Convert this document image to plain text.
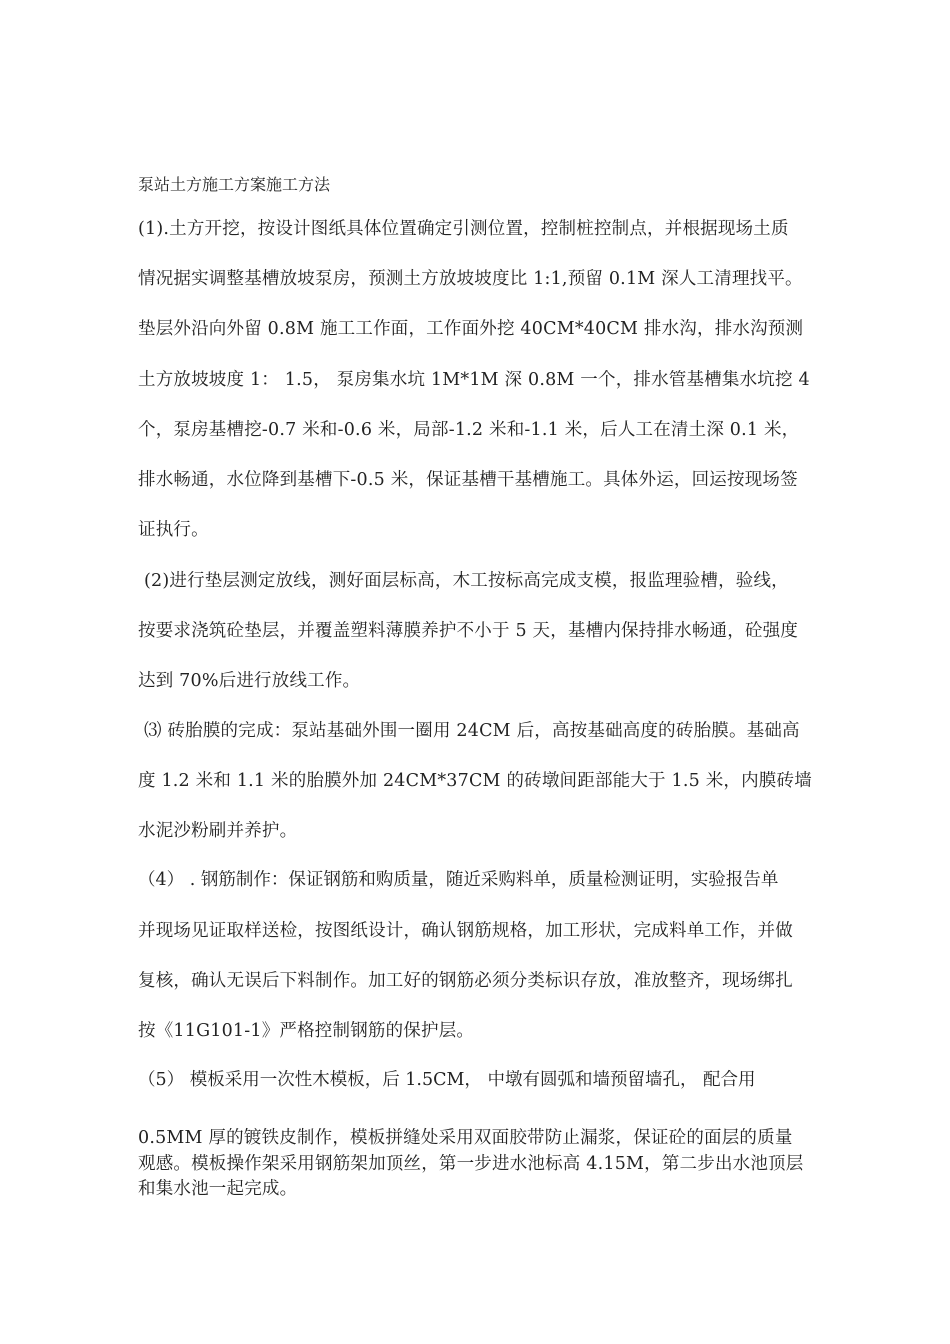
泵站土方施工方案施工方法
(1).土方开挖，按设计图纸具体位置确定引测位置，控制桩控制点，并根据现场土质
情况据实调整基槽放坡泵房，预测土方放坡坡度比 1:1,预留 0.1M 深人工清理找平。
垫层外沿向外留 0.8M 施工工作面，工作面外挖 40CM*40CM 排水沟，排水沟预测
土方放坡坡度 1： 1.5， 泵房集水坑 1M*1M 深 0.8M 一个，排水管基槽集水坑挖 4
个，泵房基槽挖-0.7 米和-0.6 米，局部-1.2 米和-1.1 米，后人工在清土深 0.1 米，
排水畅通，水位降到基槽下-0.5 米，保证基槽干基槽施工。具体外运，回运按现场签
证执行。
(2)进行垫层测定放线，测好面层标高，木工按标高完成支模，报监理验槽，验线，
按要求浇筑砼垫层，并覆盖塑料薄膜养护不小于 5 天，基槽内保持排水畅通，砼强度
达到 70%后进行放线工作。
⑶ 砖胎膜的完成：泵站基础外围一圈用 24CM 后，高按基础高度的砖胎膜。基础高
度 1.2 米和 1.1 米的胎膜外加 24CM*37CM 的砖墩间距部能大于 1.5 米，内膜砖墙
水泥沙粉刷并养护。
（4） . 钢筋制作：保证钢筋和购质量，随近采购料单，质量检测证明，实验报告单
并现场见证取样送检，按图纸设计，确认钢筋规格，加工形状，完成料单工作，并做
复核，确认无误后下料制作。加工好的钢筋必须分类标识存放，准放整齐，现场绑扎
按《11G101-1》严格控制钢筋的保护层。
（5） 模板采用一次性木模板，后 1.5CM， 中墩有圆弧和墙预留墙孔， 配合用
0.5MM 厚的镀铁皮制作，模板拼缝处采用双面胶带防止漏浆，保证砼的面层的质量
观感。模板操作架采用钢筋架加顶丝，第一步进水池标高 4.15M，第二步出水池顶层
和集水池一起完成。
